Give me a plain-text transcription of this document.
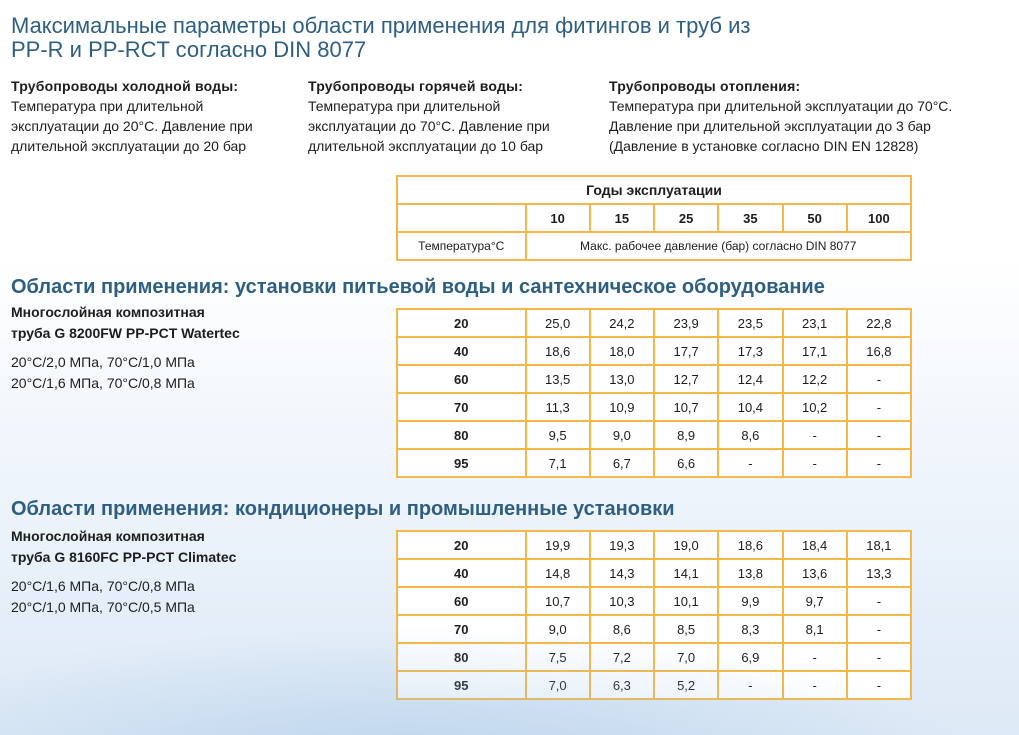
Максимальные параметры области применения для фитингов и труб из
PP-R и PP-RCT согласно DIN 8077
Трубопроводы холодной воды:
Температура при длительной
эксплуатации до 20°С. Давление при
длительной эксплуатации до 20 бар
Трубопроводы горячей воды:
Температура при длительной
эксплуатации до 70°С. Давление при
длительной эксплуатации до 10 бар
Трубопроводы отопления:
Температура при длительной эксплуатации до 70°С.
Давление при длительной эксплуатации до 3 бар
(Давление в установке согласно DIN EN 12828)
Годы эксплуатации						
	10	15	25	35	50	100
Температура°С	Макс. рабочее давление (бар) согласно DIN 8077					
Области применения: установки питьевой воды и сантехническое оборудование
Многослойная композитная
труба G 8200FW PP-PCT Watertec
20°С/2,0 МПа, 70°С/1,0 МПа
20°С/1,6 МПа, 70°С/0,8 МПа
20	25,0	24,2	23,9	23,5	23,1	22,8
40	18,6	18,0	17,7	17,3	17,1	16,8
60	13,5	13,0	12,7	12,4	12,2	-
70	11,3	10,9	10,7	10,4	10,2	-
80	9,5	9,0	8,9	8,6	-	-
95	7,1	6,7	6,6	-	-	-
Области применения: кондиционеры и промышленные установки
Многослойная композитная
труба G 8160FC PP-PCT Climatec
20°С/1,6 МПа, 70°С/0,8 МПа
20°С/1,0 МПа, 70°С/0,5 МПа
20	19,9	19,3	19,0	18,6	18,4	18,1
40	14,8	14,3	14,1	13,8	13,6	13,3
60	10,7	10,3	10,1	9,9	9,7	-
70	9,0	8,6	8,5	8,3	8,1	-
80	7,5	7,2	7,0	6,9	-	-
95	7,0	6,3	5,2	-	-	-
